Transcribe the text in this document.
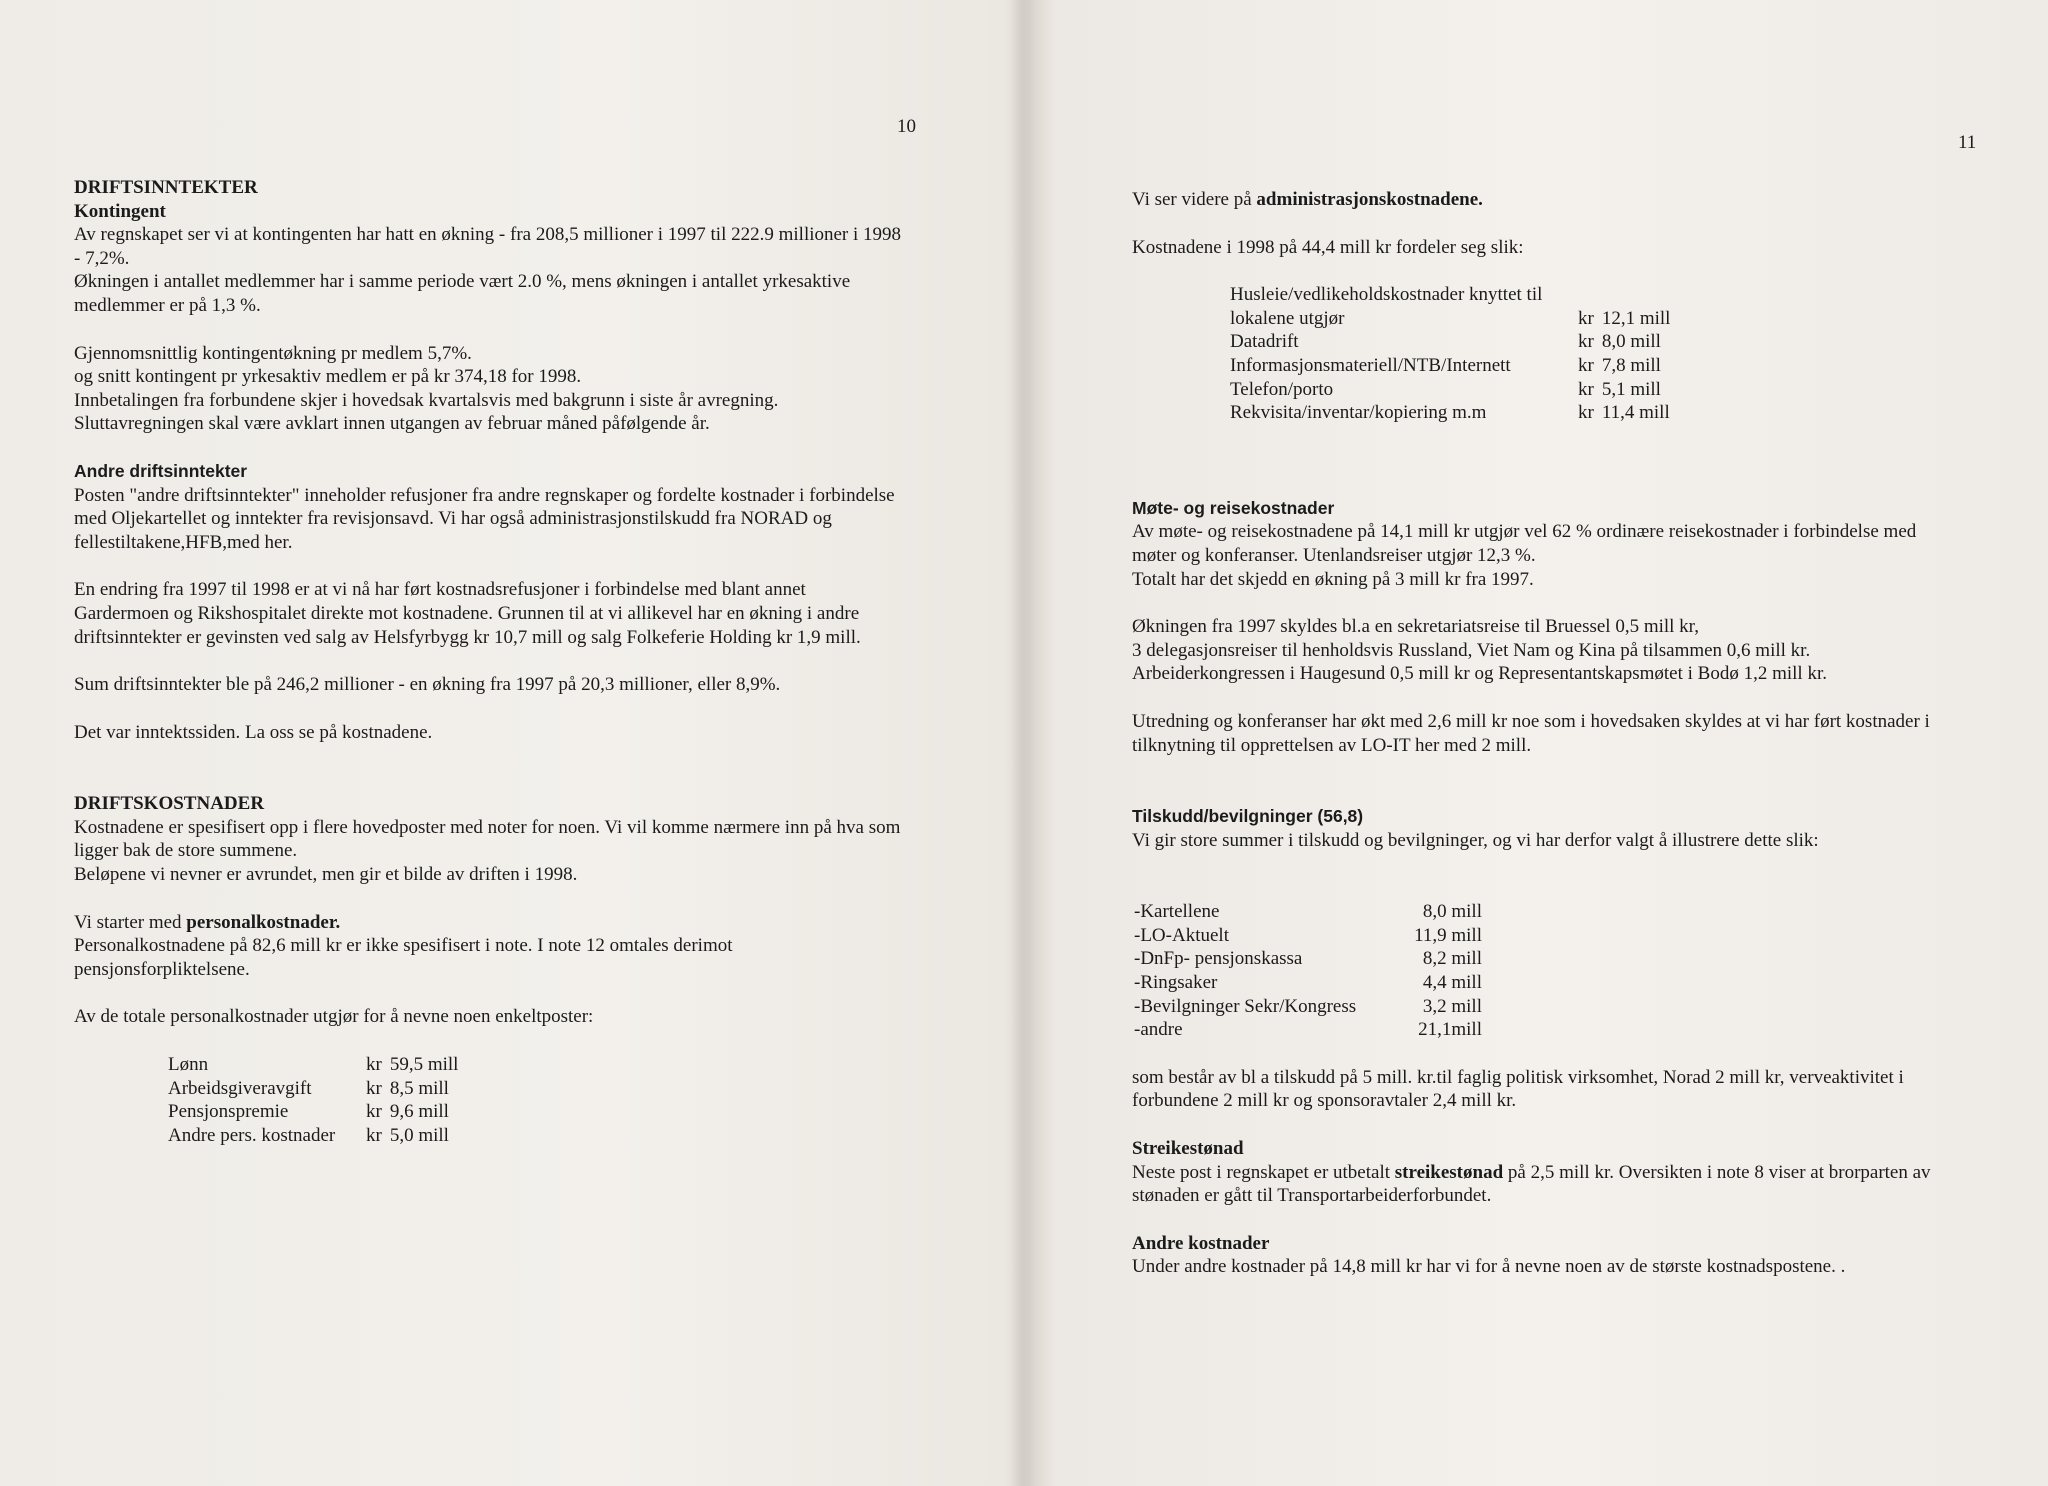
10

DRIFTSINNTEKTER

Kontingent

Av regnskapet ser vi at kontingenten har hatt en økning - fra 208,5 millioner i 1997 til 222.9 millioner i 1998 - 7,2%.

Økningen i antallet medlemmer har i samme periode vært 2.0 %, mens økningen i antallet yrkesaktive medlemmer er på 1,3 %.

Gjennomsnittlig kontingentøkning pr medlem 5,7%.

og snitt kontingent pr yrkesaktiv medlem er på kr 374,18 for 1998.

Innbetalingen fra forbundene skjer i hovedsak kvartalsvis med bakgrunn i siste år avregning.

Sluttavregningen skal være avklart innen utgangen av februar måned påfølgende år.

Andre driftsinntekter

Posten "andre driftsinntekter" inneholder refusjoner fra andre regnskaper og fordelte kostnader i forbindelse med Oljekartellet og inntekter fra revisjonsavd. Vi har også administrasjonstilskudd fra NORAD og fellestiltakene,HFB,med her.

En endring fra 1997 til 1998 er at vi nå har ført kostnadsrefusjoner i forbindelse med blant annet Gardermoen og Rikshospitalet direkte mot kostnadene. Grunnen til at vi allikevel har en økning i andre driftsinntekter er gevinsten ved salg av Helsfyrbygg kr 10,7 mill og salg Folkeferie Holding kr 1,9 mill.

Sum driftsinntekter ble på 246,2 millioner - en økning fra 1997 på 20,3 millioner, eller 8,9%.

Det var inntektssiden. La oss se på kostnadene.

DRIFTSKOSTNADER

Kostnadene er spesifisert opp i flere hovedposter med noter for noen. Vi vil komme nærmere inn på hva som ligger bak de store summene.

Beløpene vi nevner er avrundet, men gir et bilde av driften i 1998.

Vi starter med personalkostnader.

Personalkostnadene på 82,6 mill kr er ikke spesifisert i note. I note 12 omtales derimot pensjonsforpliktelsene.

Av de totale personalkostnader utgjør for å nevne noen enkeltposter:

Lønn	kr	59,5 mill
Arbeidsgiveravgift	kr	8,5 mill
Pensjonspremie	kr	9,6 mill
Andre pers. kostnader	kr	5,0 mill
11

Vi ser videre på administrasjonskostnadene.

Kostnadene i 1998 på 44,4 mill kr fordeler seg slik:

Husleie/vedlikeholdskostnader knyttet til		
lokalene utgjør	kr	12,1 mill
Datadrift	kr	8,0 mill
Informasjonsmateriell/NTB/Internett	kr	7,8 mill
Telefon/porto	kr	5,1 mill
Rekvisita/inventar/kopiering m.m	kr	11,4 mill

Møte- og reisekostnader

Av møte- og reisekostnadene på 14,1 mill kr utgjør vel 62 % ordinære reisekostnader i forbindelse med møter og konferanser. Utenlandsreiser utgjør 12,3 %.

Totalt har det skjedd en økning på 3 mill kr fra 1997.

Økningen fra 1997 skyldes bl.a en sekretariatsreise til Bruessel 0,5 mill kr,

3 delegasjonsreiser til henholdsvis Russland, Viet Nam og Kina på tilsammen 0,6 mill kr.

Arbeiderkongressen i Haugesund 0,5 mill kr og Representantskapsmøtet i Bodø 1,2 mill kr.

Utredning og konferanser har økt med 2,6 mill kr noe som i hovedsaken skyldes at vi har ført kostnader i tilknytning til opprettelsen av LO-IT her med 2 mill.

Tilskudd/bevilgninger (56,8)

Vi gir store summer i tilskudd og bevilgninger, og vi har derfor valgt å illustrere dette slik:

-Kartellene	8,0 mill
-LO-Aktuelt	11,9 mill
-DnFp- pensjonskassa	8,2 mill
-Ringsaker	4,4 mill
-Bevilgninger Sekr/Kongress	3,2 mill
-andre	21,1mill

som består av bl a tilskudd på 5 mill. kr.til faglig politisk virksomhet, Norad 2 mill kr, verveaktivitet i forbundene 2 mill kr og sponsoravtaler 2,4 mill kr.

Streikestønad

Neste post i regnskapet er utbetalt streikestønad på 2,5 mill kr. Oversikten i note 8 viser at brorparten av stønaden er gått til Transportarbeiderforbundet.

Andre kostnader

Under andre kostnader på 14,8 mill kr har vi for å nevne noen av de største kostnadspostene. .
